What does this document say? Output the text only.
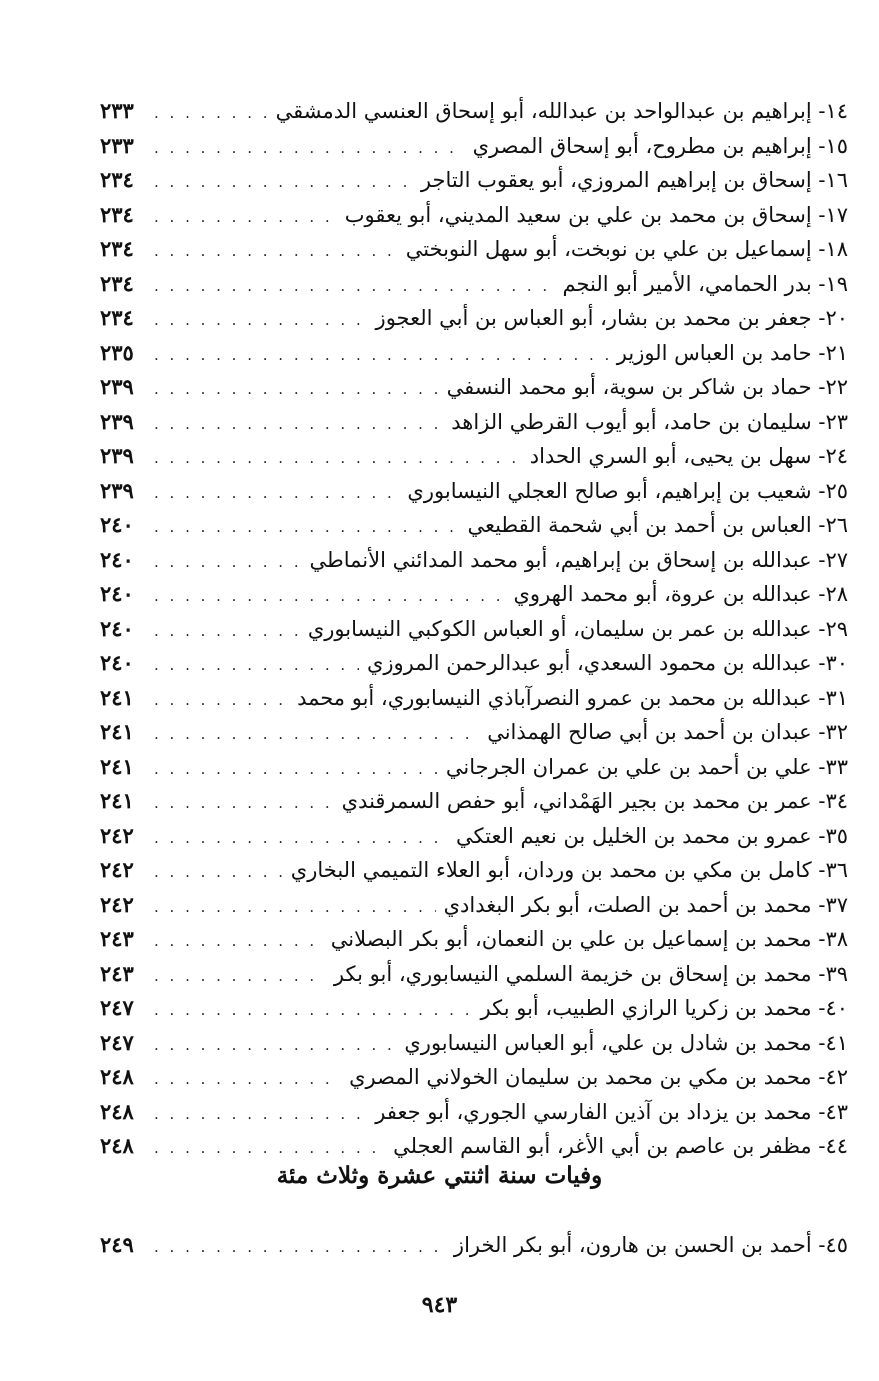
١٤- إبراهيم بن عبدالواحد بن عبدالله، أبو إسحاق العنسي الدمشقي
. . .
٢٣٣
١٥- إبراهيم بن مطروح، أبو إسحاق المصري
. . .
٢٣٣
١٦- إسحاق بن إبراهيم المروزي، أبو يعقوب التاجر
. . .
٢٣٤
١٧- إسحاق بن محمد بن علي بن سعيد المديني، أبو يعقوب
. . .
٢٣٤
١٨- إسماعيل بن علي بن نوبخت، أبو سهل النوبختي
. . .
٢٣٤
١٩- بدر الحمامي، الأمير أبو النجم
. . .
٢٣٤
٢٠- جعفر بن محمد بن بشار، أبو العباس بن أبي العجوز
. . .
٢٣٤
٢١- حامد بن العباس الوزير
. . .
٢٣٥
٢٢- حماد بن شاكر بن سوية، أبو محمد النسفي
. . .
٢٣٩
٢٣- سليمان بن حامد، أبو أيوب القرطي الزاهد
. . .
٢٣٩
٢٤- سهل بن يحيى، أبو السري الحداد
. . .
٢٣٩
٢٥- شعيب بن إبراهيم، أبو صالح العجلي النيسابوري
. . .
٢٣٩
٢٦- العباس بن أحمد بن أبي شحمة القطيعي
. . .
٢٤٠
٢٧- عبدالله بن إسحاق بن إبراهيم، أبو محمد المدائني الأنماطي
. . .
٢٤٠
٢٨- عبدالله بن عروة، أبو محمد الهروي
. . .
٢٤٠
٢٩- عبدالله بن عمر بن سليمان، أو العباس الكوكبي النيسابوري
. . .
٢٤٠
٣٠- عبدالله بن محمود السعدي، أبو عبدالرحمن المروزي
. . .
٢٤٠
٣١- عبدالله بن محمد بن عمرو النصرآباذي النيسابوري، أبو محمد
. . .
٢٤١
٣٢- عبدان بن أحمد بن أبي صالح الهمذاني
. . .
٢٤١
٣٣- علي بن أحمد بن علي بن عمران الجرجاني
. . .
٢٤١
٣٤- عمر بن محمد بن بجير الهَمْداني، أبو حفص السمرقندي
. . .
٢٤١
٣٥- عمرو بن محمد بن الخليل بن نعيم العتكي
. . .
٢٤٢
٣٦- كامل بن مكي بن محمد بن وردان، أبو العلاء التميمي البخاري
. . .
٢٤٢
٣٧- محمد بن أحمد بن الصلت، أبو بكر البغدادي
. . .
٢٤٢
٣٨- محمد بن إسماعيل بن علي بن النعمان، أبو بكر البصلاني
. . .
٢٤٣
٣٩- محمد بن إسحاق بن خزيمة السلمي النيسابوري، أبو بكر
. . .
٢٤٣
٤٠- محمد بن زكريا الرازي الطبيب، أبو بكر
. . .
٢٤٧
٤١- محمد بن شادل بن علي، أبو العباس النيسابوري
. . .
٢٤٧
٤٢- محمد بن مكي بن محمد بن سليمان الخولاني المصري
. . .
٢٤٨
٤٣- محمد بن يزداد بن آذين الفارسي الجوري، أبو جعفر
. . .
٢٤٨
٤٤- مظفر بن عاصم بن أبي الأغر، أبو القاسم العجلي
. . .
٢٤٨
وفيات سنة اثنتي عشرة وثلاث مئة
٤٥- أحمد بن الحسن بن هارون، أبو بكر الخراز
. . .
٢٤٩
٩٤٣
